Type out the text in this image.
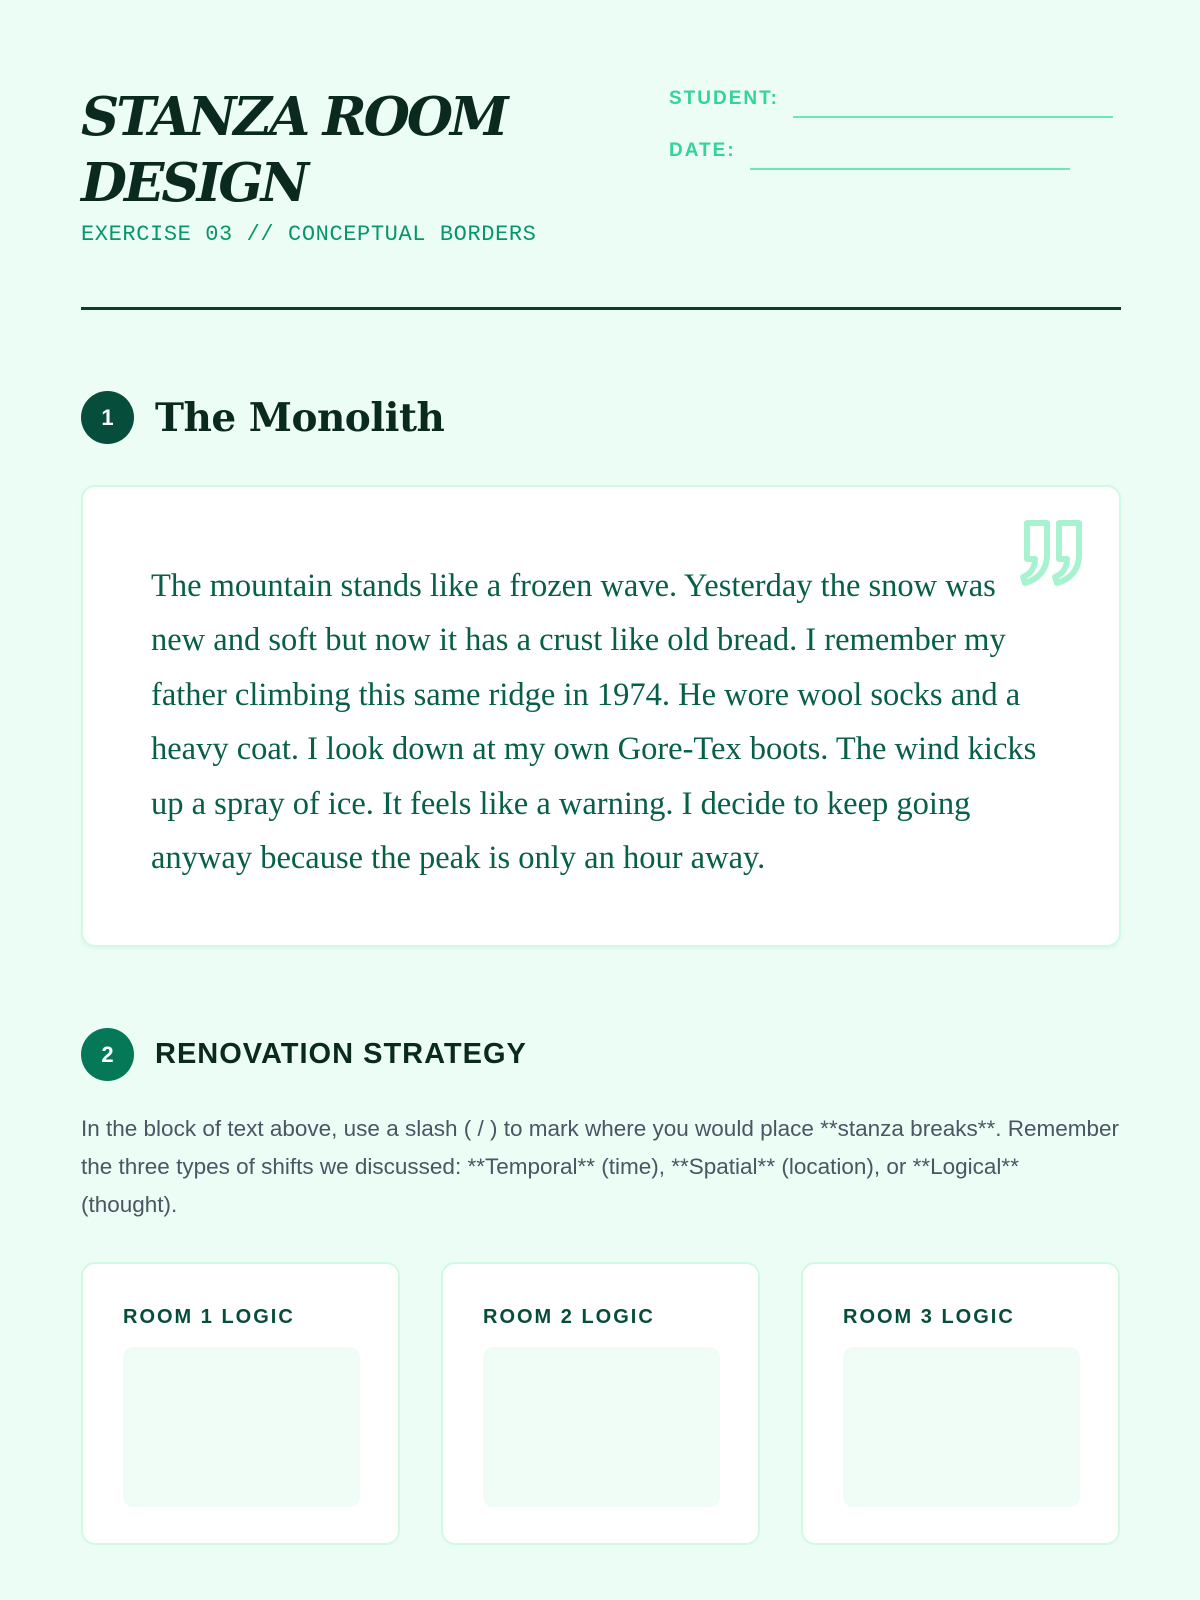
STANZA ROOM
DESIGN
EXERCISE 03 // CONCEPTUAL BORDERS
STUDENT:
DATE:
1	The Monolith

The mountain stands like a frozen wave. Yesterday the snow was new and soft but now it has a crust like old bread. I remember my father climbing this same ridge in 1974. He wore wool socks and a heavy coat. I look down at my own Gore-Tex boots. The wind kicks up a spray of ice. It feels like a warning. I decide to keep going anyway because the peak is only an hour away.

2	RENOVATION STRATEGY

In the block of text above, use a slash ( / ) to mark where you would place **stanza breaks**. Remember the three types of shifts we discussed: **Temporal** (time), **Spatial** (location), or **Logical** (thought).

ROOM 1 LOGIC	ROOM 2 LOGIC	ROOM 3 LOGIC
